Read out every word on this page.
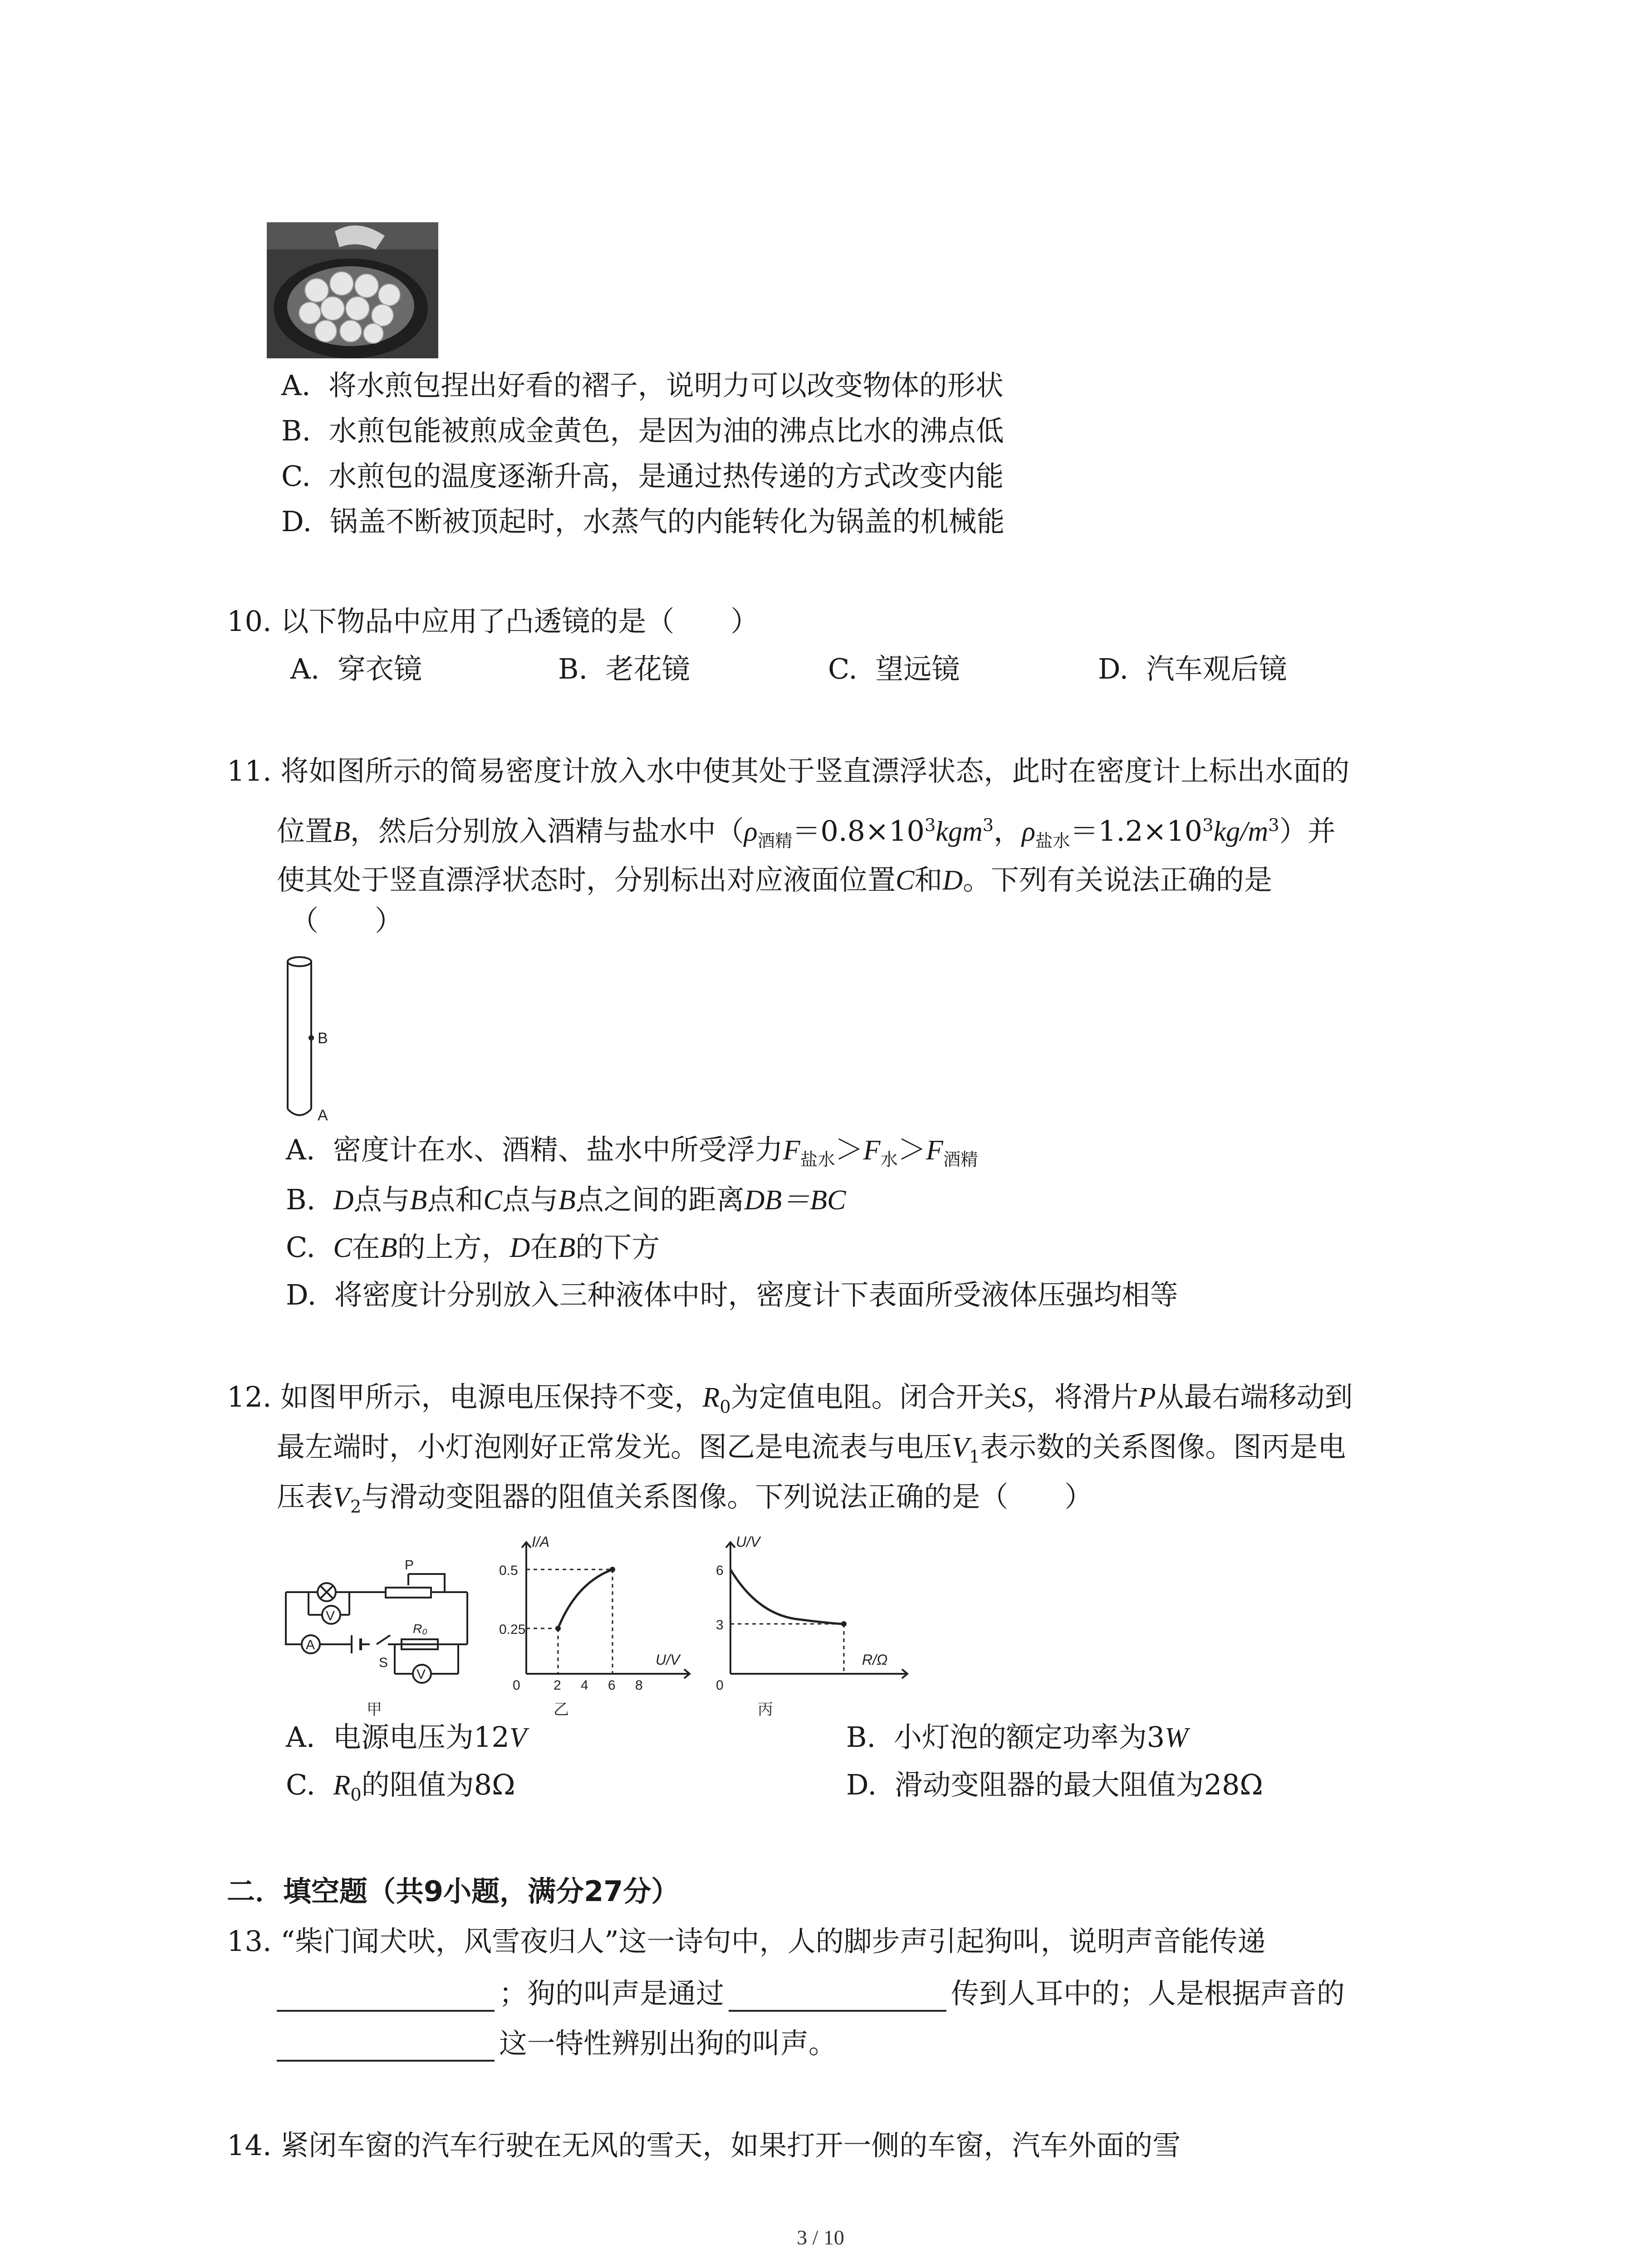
A. 将水煎包捏出好看的褶子，说明力可以改变物体的形状
B. 水煎包能被煎成金黄色，是因为油的沸点比水的沸点低
C. 水煎包的温度逐渐升高，是通过热传递的方式改变内能
D. 锅盖不断被顶起时，水蒸气的内能转化为锅盖的机械能
10. 以下物品中应用了凸透镜的是（　　）
A. 穿衣镜	B. 老花镜	C. 望远镜	D. 汽车观后镜
11. 将如图所示的简易密度计放入水中使其处于竖直漂浮状态，此时在密度计上标出水面的
位置B，然后分别放入酒精与盐水中（$\rho_{酒精}=0.8\times 10^3kgm^3$，$\rho_{盐水}=1.2\times 10^3kg/m^3$）并
使其处于竖直漂浮状态时，分别标出对应液面位置C和D。下列有关说法正确的是
（　　）
B
A
A. 密度计在水、酒精、盐水中所受浮力$F_{盐水}>F_水>F_{酒精}$
B. D点与B点和C点与B点之间的距离DB＝BC
C. C在B的上方，D在B的下方
D. 将密度计分别放入三种液体中时，密度计下表面所受液体压强均相等
12. 如图甲所示，电源电压保持不变，$R_0$为定值电阻。闭合开关S，将滑片P从最右端移动到
最左端时，小灯泡刚好正常发光。图乙是电流表与电压$V_1$表示数的关系图像。图丙是电
压表$V_2$与滑动变阻器的阻值关系图像。下列说法正确的是（　　）
V
A
V
P
R₀
S
甲
I/A
U/V
0.5
0.25
0 2 4 6 8
乙
U/V
R/Ω
6
3
0
丙
A. 电源电压为12V	B. 小灯泡的额定功率为3W
C. $R_0$的阻值为8Ω	D. 滑动变阻器的最大阻值为28Ω
二．填空题（共9小题，满分27分）
13. “柴门闻犬吠，风雪夜归人”这一诗句中，人的脚步声引起狗叫，说明声音能传递
；狗的叫声是通过	传到人耳中的；人是根据声音的
这一特性辨别出狗的叫声。
14. 紧闭车窗的汽车行驶在无风的雪天，如果打开一侧的车窗，汽车外面的雪
3 / 10
